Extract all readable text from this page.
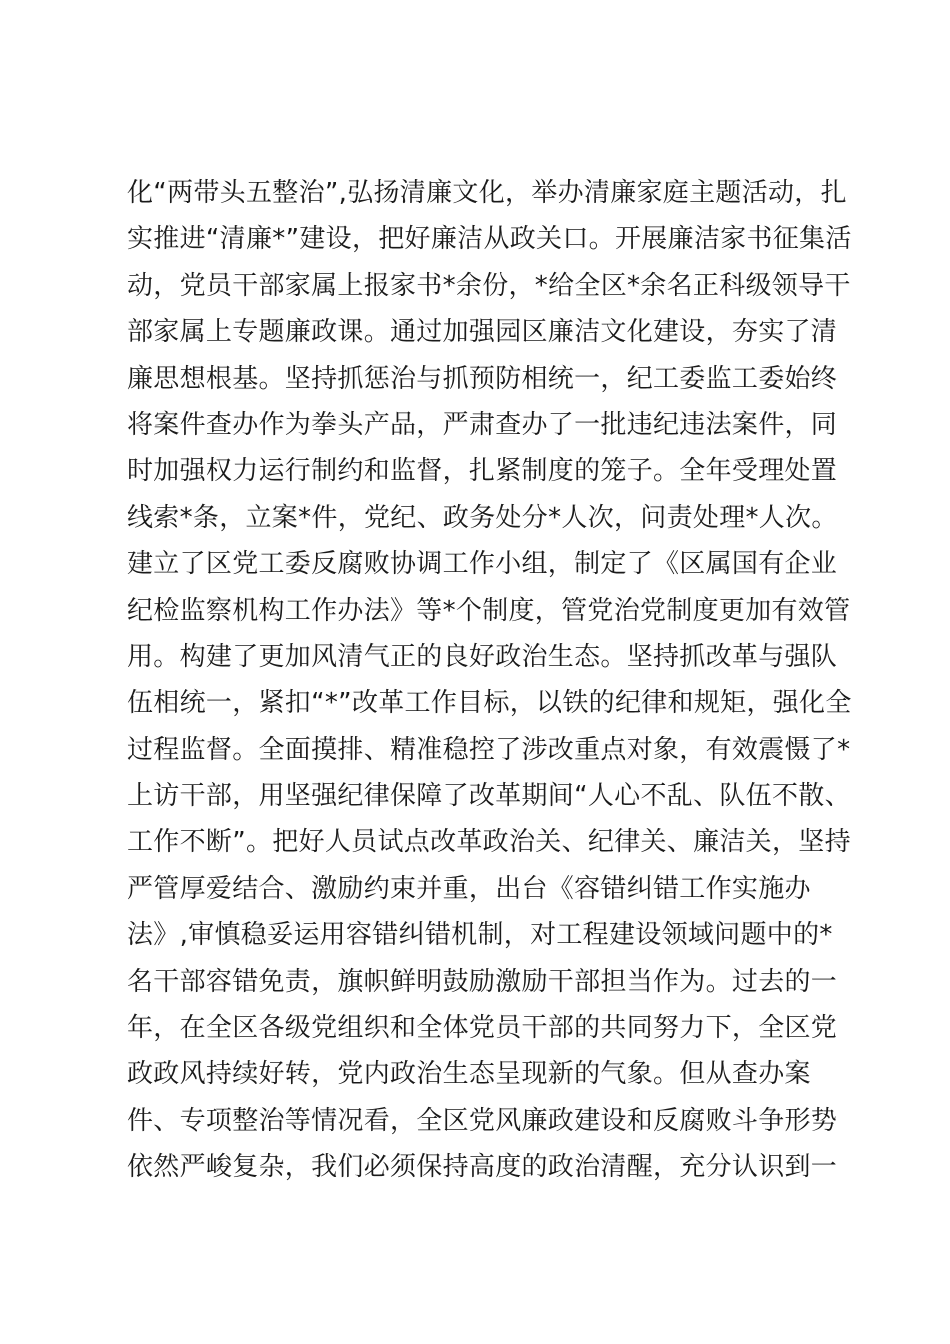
化“两带头五整治”,弘扬清廉文化，举办清廉家庭主题活动，扎
实推进“清廉*”建设，把好廉洁从政关口。开展廉洁家书征集活
动，党员干部家属上报家书*余份，*给全区*余名正科级领导干
部家属上专题廉政课。通过加强园区廉洁文化建设，夯实了清
廉思想根基。坚持抓惩治与抓预防相统一，纪工委监工委始终
将案件查办作为拳头产品，严肃查办了一批违纪违法案件，同
时加强权力运行制约和监督，扎紧制度的笼子。全年受理处置
线索*条，立案*件，党纪、政务处分*人次，问责处理*人次。
建立了区党工委反腐败协调工作小组，制定了《区属国有企业
纪检监察机构工作办法》等*个制度，管党治党制度更加有效管
用。构建了更加风清气正的良好政治生态。坚持抓改革与强队
伍相统一，紧扣“*”改革工作目标，以铁的纪律和规矩，强化全
过程监督。全面摸排、精准稳控了涉改重点对象，有效震慑了*
上访干部，用坚强纪律保障了改革期间“人心不乱、队伍不散、
工作不断”。把好人员试点改革政治关、纪律关、廉洁关，坚持
严管厚爱结合、激励约束并重，出台《容错纠错工作实施办
法》,审慎稳妥运用容错纠错机制，对工程建设领域问题中的*
名干部容错免责，旗帜鲜明鼓励激励干部担当作为。过去的一
年，在全区各级党组织和全体党员干部的共同努力下，全区党
政政风持续好转，党内政治生态呈现新的气象。但从查办案
件、专项整治等情况看，全区党风廉政建设和反腐败斗争形势
依然严峻复杂，我们必须保持高度的政治清醒，充分认识到一
